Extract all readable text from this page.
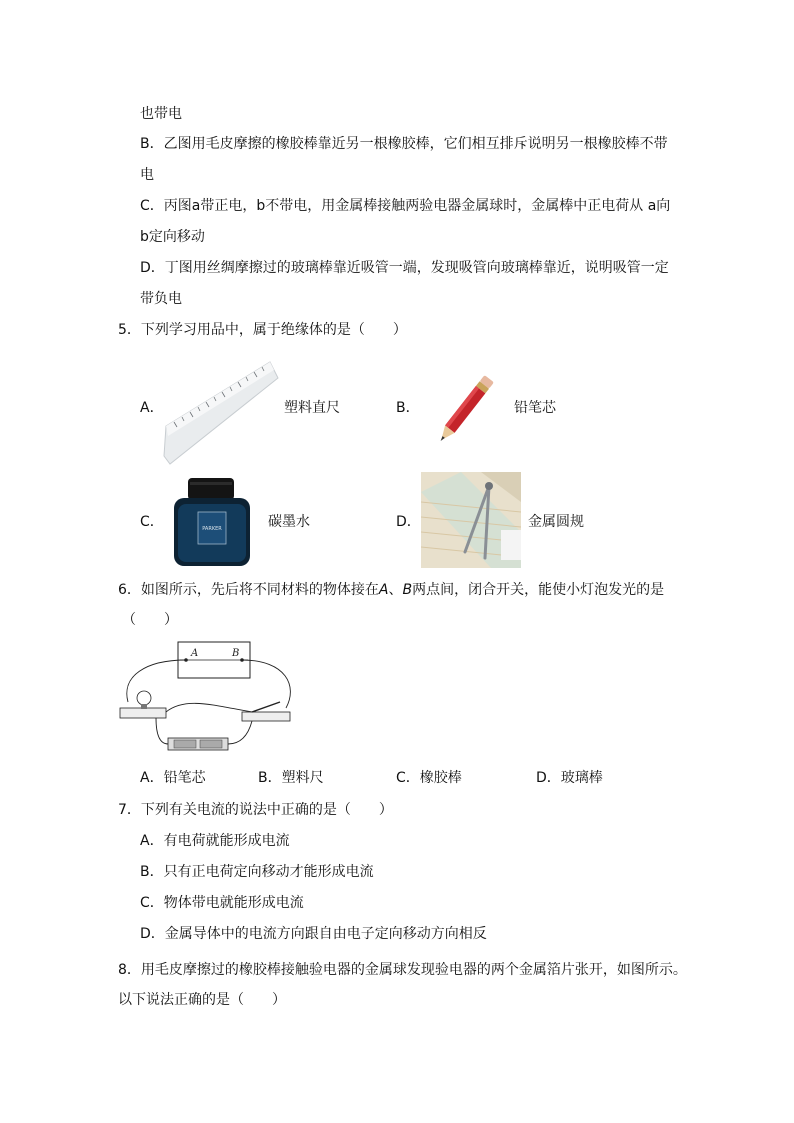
也带电
B．乙图用毛皮摩擦的橡胶棒靠近另一根橡胶棒，它们相互排斥说明另一根橡胶棒不带
电
C．丙图a带正电，b不带电，用金属棒接触两验电器金属球时，金属棒中正电荷从 a向
b定向移动
D．丁图用丝绸摩擦过的玻璃棒靠近吸管一端，发现吸管向玻璃棒靠近，说明吸管一定
带负电
5．下列学习用品中，属于绝缘体的是（　　）
A．	塑料直尺	B．	铅笔芯
C．	PARKER	碳墨水	D．	金属圆规
6．如图所示，先后将不同材料的物体接在A、B两点间，闭合开关，能使小灯泡发光的是
（　　）
A	B
A．铅笔芯	B．塑料尺	C．橡胶棒	D．玻璃棒
7．下列有关电流的说法中正确的是（　　）
A．有电荷就能形成电流
B．只有正电荷定向移动才能形成电流
C．物体带电就能形成电流
D．金属导体中的电流方向跟自由电子定向移动方向相反
8．用毛皮摩擦过的橡胶棒接触验电器的金属球发现验电器的两个金属箔片张开，如图所示。
以下说法正确的是（　　）
